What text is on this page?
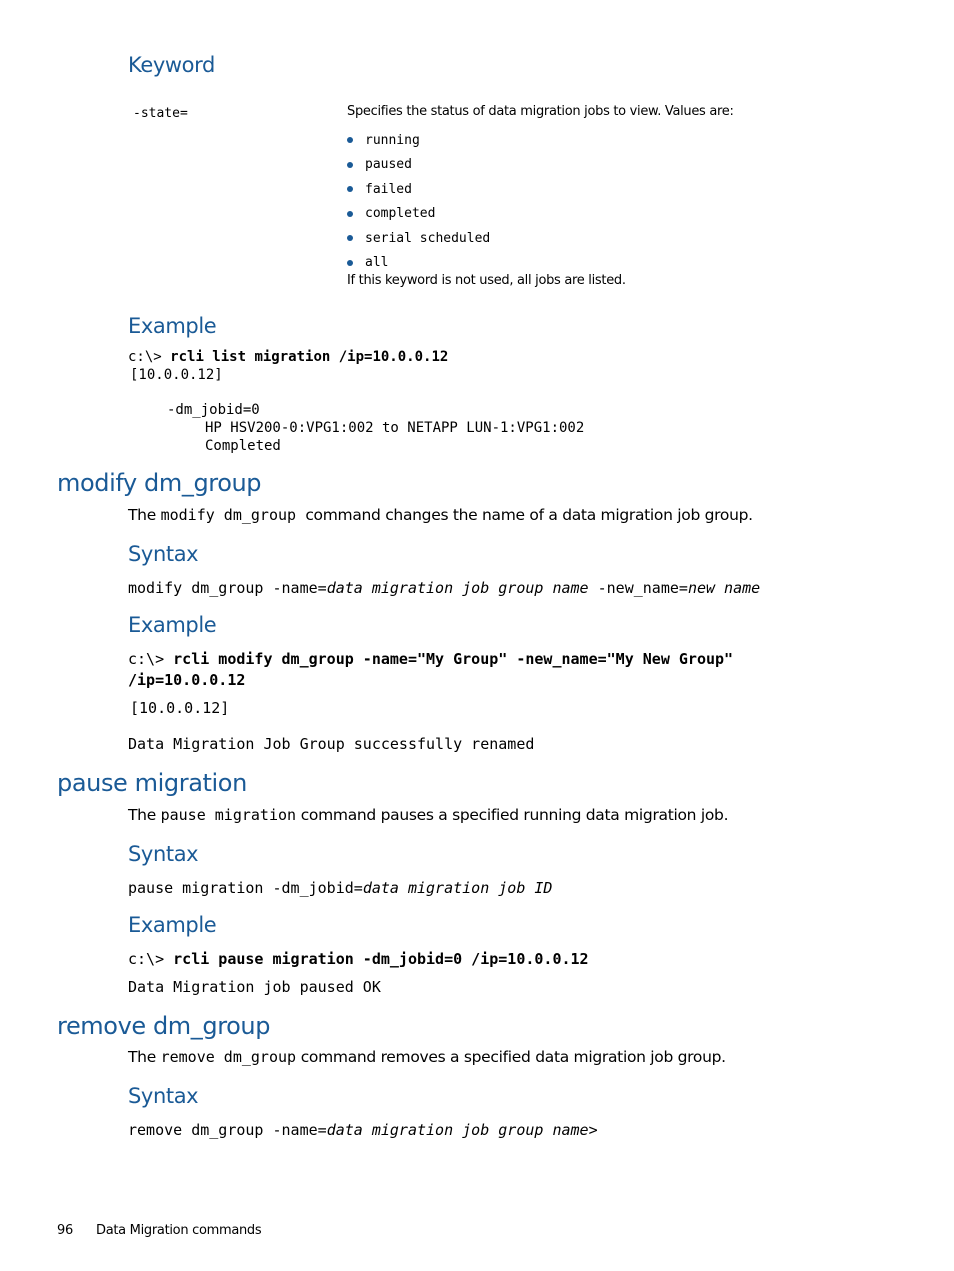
Keyword
-state=	Specifies the status of data migration jobs to view. Values are:
running
paused
failed
completed
serial scheduled
all
If this keyword is not used, all jobs are listed.
Example
c:\> rcli list migration /ip=10.0.0.12
[10.0.0.12]
-dm_jobid=0
HP HSV200-0:VPG1:002 to NETAPP LUN-1:VPG1:002
Completed
modify dm_group
The modify dm_group command changes the name of a data migration job group.
Syntax
modify dm_group -name=data migration job group name -new_name=new name
Example
c:\> rcli modify dm_group -name="My Group" -new_name="My New Group"
/ip=10.0.0.12
[10.0.0.12]
Data Migration Job Group successfully renamed
pause migration
The pause migration command pauses a specified running data migration job.
Syntax
pause migration -dm_jobid=data migration job ID
Example
c:\> rcli pause migration -dm_jobid=0 /ip=10.0.0.12
Data Migration job paused OK
remove dm_group
The remove dm_group command removes a specified data migration job group.
Syntax
remove dm_group -name=data migration job group name>
96 Data Migration commands
